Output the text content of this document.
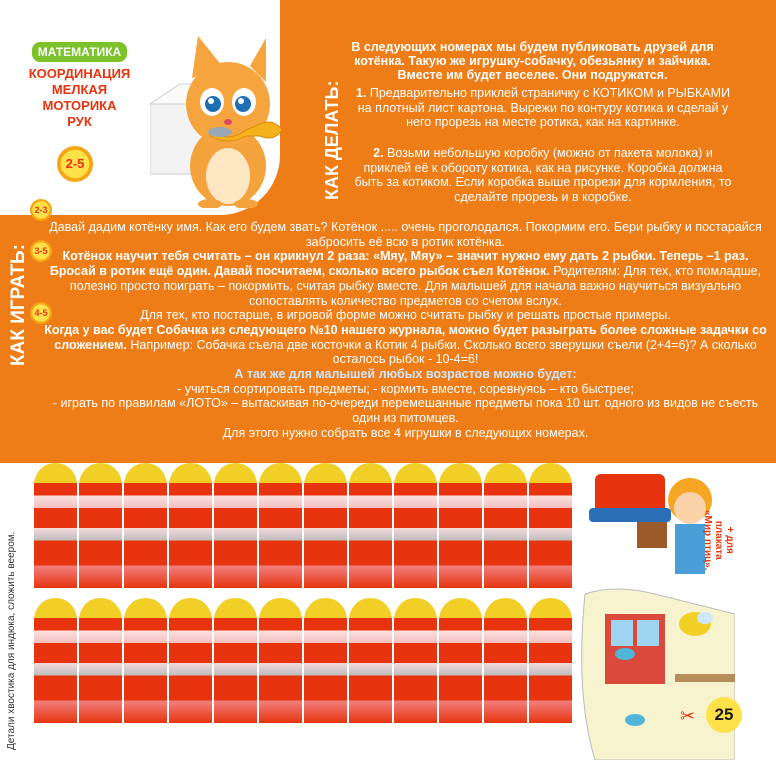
МАТЕМАТИКА
КООРДИНАЦИЯ
МЕЛКАЯ
МОТОРИКА
РУК
2-5	КАК ДЕЛАТЬ:
В следующих номерах мы будем публиковать друзей для котёнка. Такую же игрушку-собачку, обезьянку и зайчика. Вместе им будет веселее. Они подружатся.
1. Предварительно приклей страничку с КОТИКОМ и РЫБКАМИ на плотный лист картона. Вырежи по контуру котика и сделай у него прорезь на месте ротика, как на картинке.
2. Возьми небольшую коробку (можно от пакета молока) и приклей её к обороту котика, как на рисунке. Коробка должна быть за котиком. Если коробка выше прорези для кормления, то сделайте прорезь и в коробке.
КАК ИГРАТЬ:
2-3
3-5
4-5

Давай дадим котёнку имя. Как его будем звать? Котёнок ..... очень проголодался. Покормим его. Бери рыбку и постарайся забросить её всю в ротик котёнка.

Котёнок научит тебя считать – он крикнул 2 раза: «Мяу, Мяу» – значит нужно ему дать 2 рыбки. Теперь –1 раз. Бросай в ротик ещё один. Давай посчитаем, сколько всего рыбок съел Котёнок. Родителям: Для тех, кто помладше, полезно просто поиграть – покормить, считая рыбку вместе. Для малышей для начала важно научиться визуально сопоставлять количество предметов со счетом вслух.

Для тех, кто постарше, в игровой форме можно считать рыбку и решать простые примеры.

Когда у вас будет Собачка из следующего №10 нашего журнала, можно будет разыграть более сложные задачки со сложением. Например: Собачка съела две косточки а Котик 4 рыбки. Сколько всего зверушки съели (2+4=6)? А сколько осталось рыбок - 10-4=6!

А так же для малышей любых возрастов можно будет:

- учиться сортировать предметы; - кормить вместе, соревнуясь – кто быстрее;

- играть по правилам «ЛОТО» – вытаскивая по-очереди перемешанные предметы пока 10 шт. одного из видов не съесть один из питомцев.

Для этого нужно собрать все 4 игрушки в следующих номерах.

Детали хвостика для индюка, сложить веером.	+ для
плаката
«Мир птиц».
✂	25
